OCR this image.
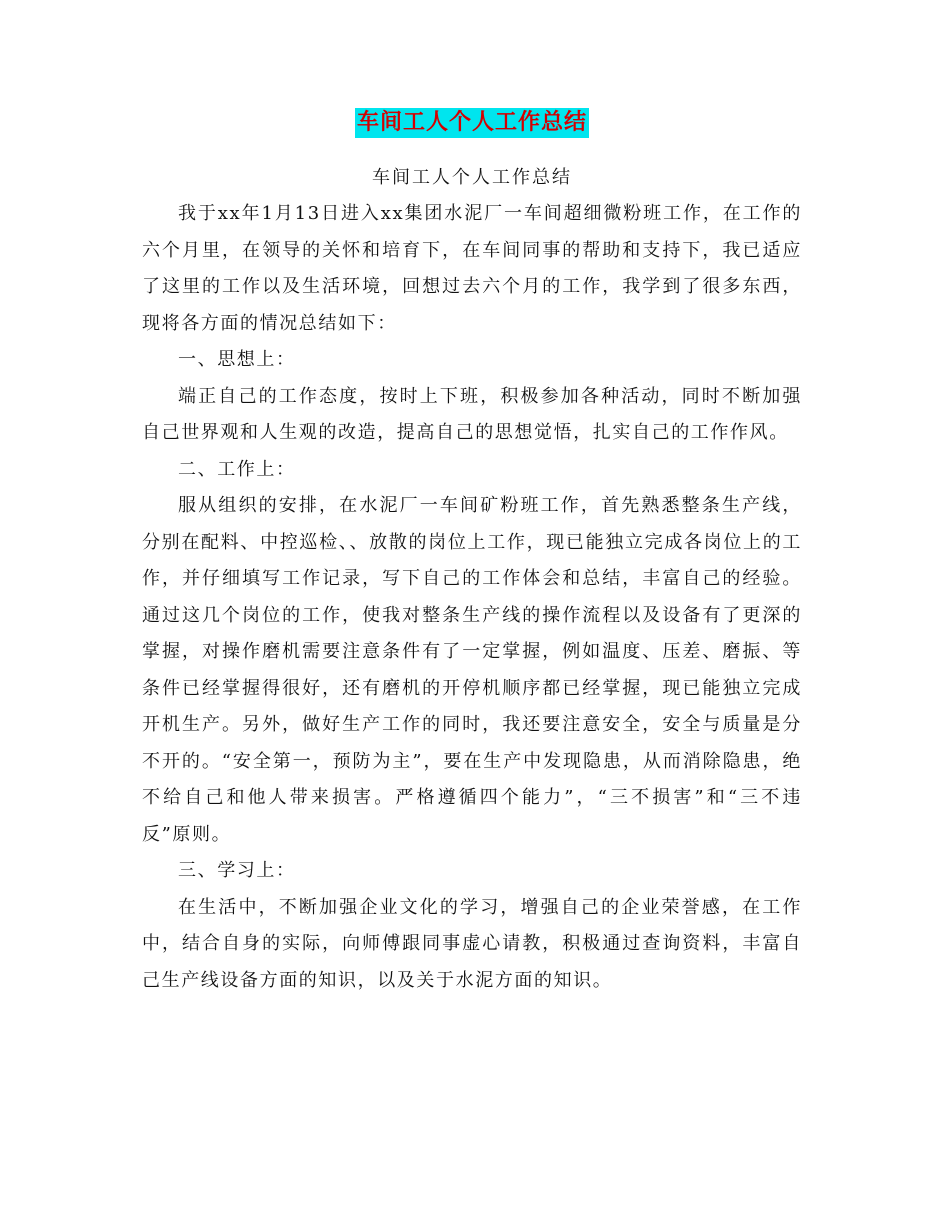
车间工人个人工作总结

车间工人个人工作总结

我于xx年1月13日进入xx集团水泥厂一车间超细微粉班工作，在工作的六个月里，在领导的关怀和培育下，在车间同事的帮助和支持下，我已适应了这里的工作以及生活环境，回想过去六个月的工作，我学到了很多东西，现将各方面的情况总结如下：

一、思想上：

端正自己的工作态度，按时上下班，积极参加各种活动，同时不断加强自己世界观和人生观的改造，提高自己的思想觉悟，扎实自己的工作作风。

二、工作上：

服从组织的安排，在水泥厂一车间矿粉班工作，首先熟悉整条生产线，分别在配料、中控巡检、、放散的岗位上工作，现已能独立完成各岗位上的工作，并仔细填写工作记录，写下自己的工作体会和总结，丰富自己的经验。通过这几个岗位的工作，使我对整条生产线的操作流程以及设备有了更深的掌握，对操作磨机需要注意条件有了一定掌握，例如温度、压差、磨振、等条件已经掌握得很好，还有磨机的开停机顺序都已经掌握，现已能独立完成开机生产。另外，做好生产工作的同时，我还要注意安全，安全与质量是分不开的。“安全第一，预防为主”，要在生产中发现隐患，从而消除隐患，绝不给自己和他人带来损害。严格遵循四个能力”，“三不损害”和“三不违反”原则。

三、学习上：

在生活中，不断加强企业文化的学习，增强自己的企业荣誉感，在工作中，结合自身的实际，向师傅跟同事虚心请教，积极通过查询资料，丰富自己生产线设备方面的知识，以及关于水泥方面的知识。
